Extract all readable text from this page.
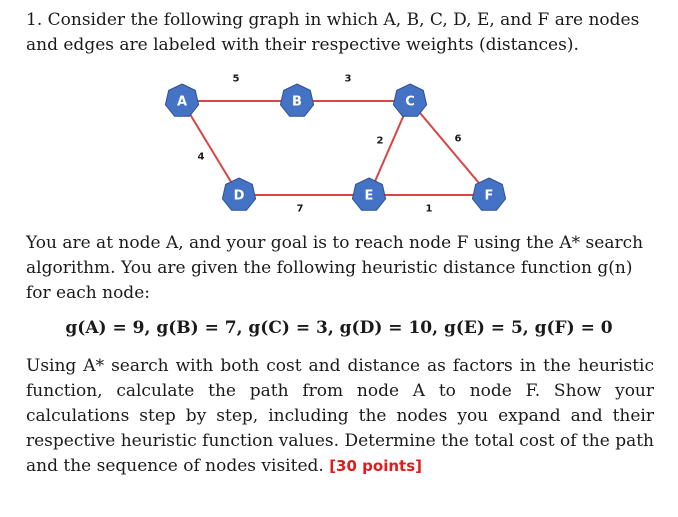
1. Consider the following graph in which A, B, C, D, E, and F are nodes and edges are labeled with their respective weights (distances).

A	B	C
D	E	F
5	3
4
2	6
7	1

You are at node A, and your goal is to reach node F using the A* search algorithm. You are given the following heuristic distance function g(n) for each node:

g(A) = 9, g(B) = 7, g(C) = 3, g(D) = 10, g(E) = 5, g(F) = 0

Using A* search with both cost and distance as factors in the heuristic function, calculate the path from node A to node F. Show your calculations step by step, including the nodes you expand and their respective heuristic function values. Determine the total cost of the path and the sequence of nodes visited. [30 points]
